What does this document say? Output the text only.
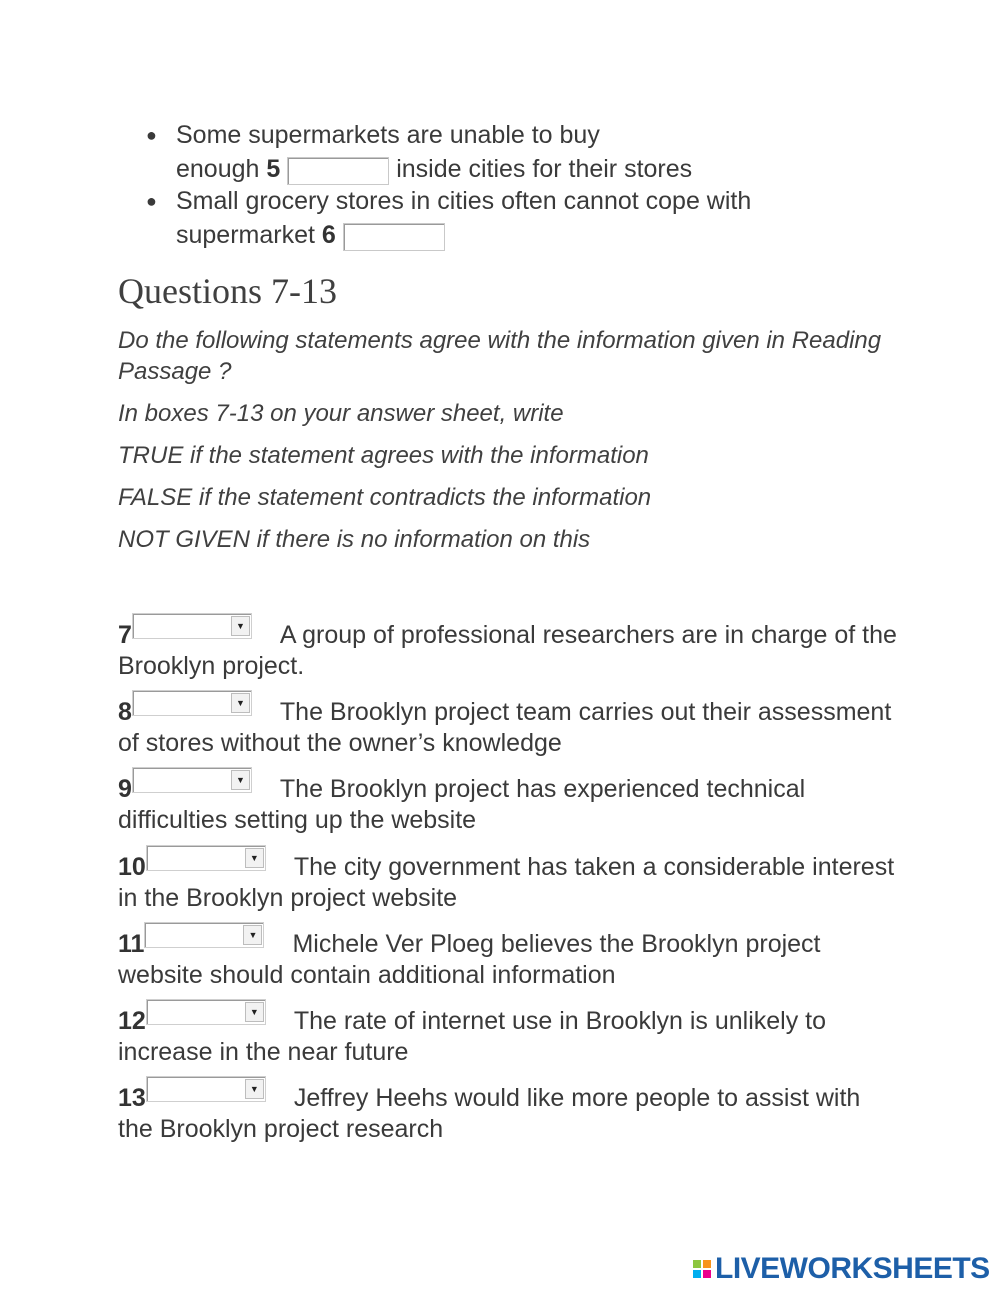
● Some supermarkets are unable to buy
enough 5	inside cities for their stores
● Small grocery stores in cities often cannot cope with
supermarket 6
Questions 7-13

Do the following statements agree with the information given in Reading Passage ?

In boxes 7-13 on your answer sheet, write

TRUE if the statement agrees with the information

FALSE if the statement contradicts the information

NOT GIVEN if there is no information on this

7	▼ A group of professional researchers are in charge of the Brooklyn project.
8	▼ The Brooklyn project team carries out their assessment of stores without the owner’s knowledge
9	▼ The Brooklyn project has experienced technical difficulties setting up the website
10	▼ The city government has taken a considerable interest in the Brooklyn project website
11	▼ Michele Ver Ploeg believes the Brooklyn project website should contain additional information
12	▼ The rate of internet use in Brooklyn is unlikely to increase in the near future
13	▼ Jeffrey Heehs would like more people to assist with the Brooklyn project research
LIVEWORKSHEETS
